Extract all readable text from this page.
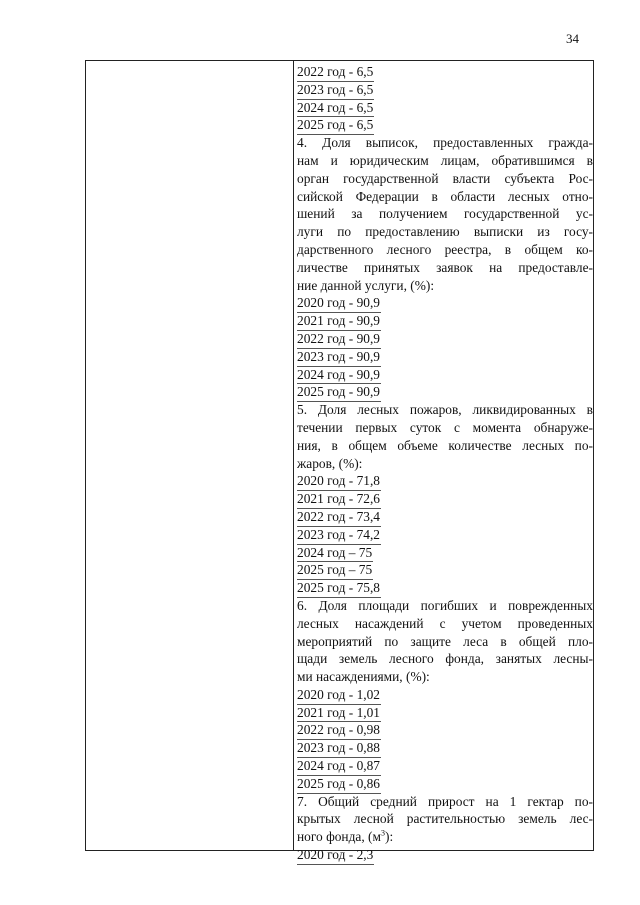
34
2022 год - 6,5
2023 год - 6,5
2024 год - 6,5
2025 год - 6,5
4. Доля выписок, предоставленных гражда-
нам и юридическим лицам, обратившимся в
орган государственной власти субъекта Рос-
сийской Федерации в области лесных отно-
шений за получением государственной ус-
луги по предоставлению выписки из госу-
дарственного лесного реестра, в общем ко-
личестве принятых заявок на предоставле-
ние данной услуги, (%):
2020 год - 90,9
2021 год - 90,9
2022 год - 90,9
2023 год - 90,9
2024 год - 90,9
2025 год - 90,9
5. Доля лесных пожаров, ликвидированных в
течении первых суток с момента обнаруже-
ния, в общем объеме количестве лесных по-
жаров, (%):
2020 год - 71,8
2021 год - 72,6
2022 год - 73,4
2023 год - 74,2
2024 год – 75
2025 год – 75
2025 год - 75,8
6. Доля площади погибших и поврежденных
лесных насаждений с учетом проведенных
мероприятий по защите леса в общей пло-
щади земель лесного фонда, занятых лесны-
ми насаждениями, (%):
2020 год - 1,02
2021 год - 1,01
2022 год - 0,98
2023 год - 0,88
2024 год - 0,87
2025 год - 0,86
7. Общий средний прирост на 1 гектар по-
крытых лесной растительностью земель лес-
ного фонда, $(м^3)$:
2020 год - 2,3
